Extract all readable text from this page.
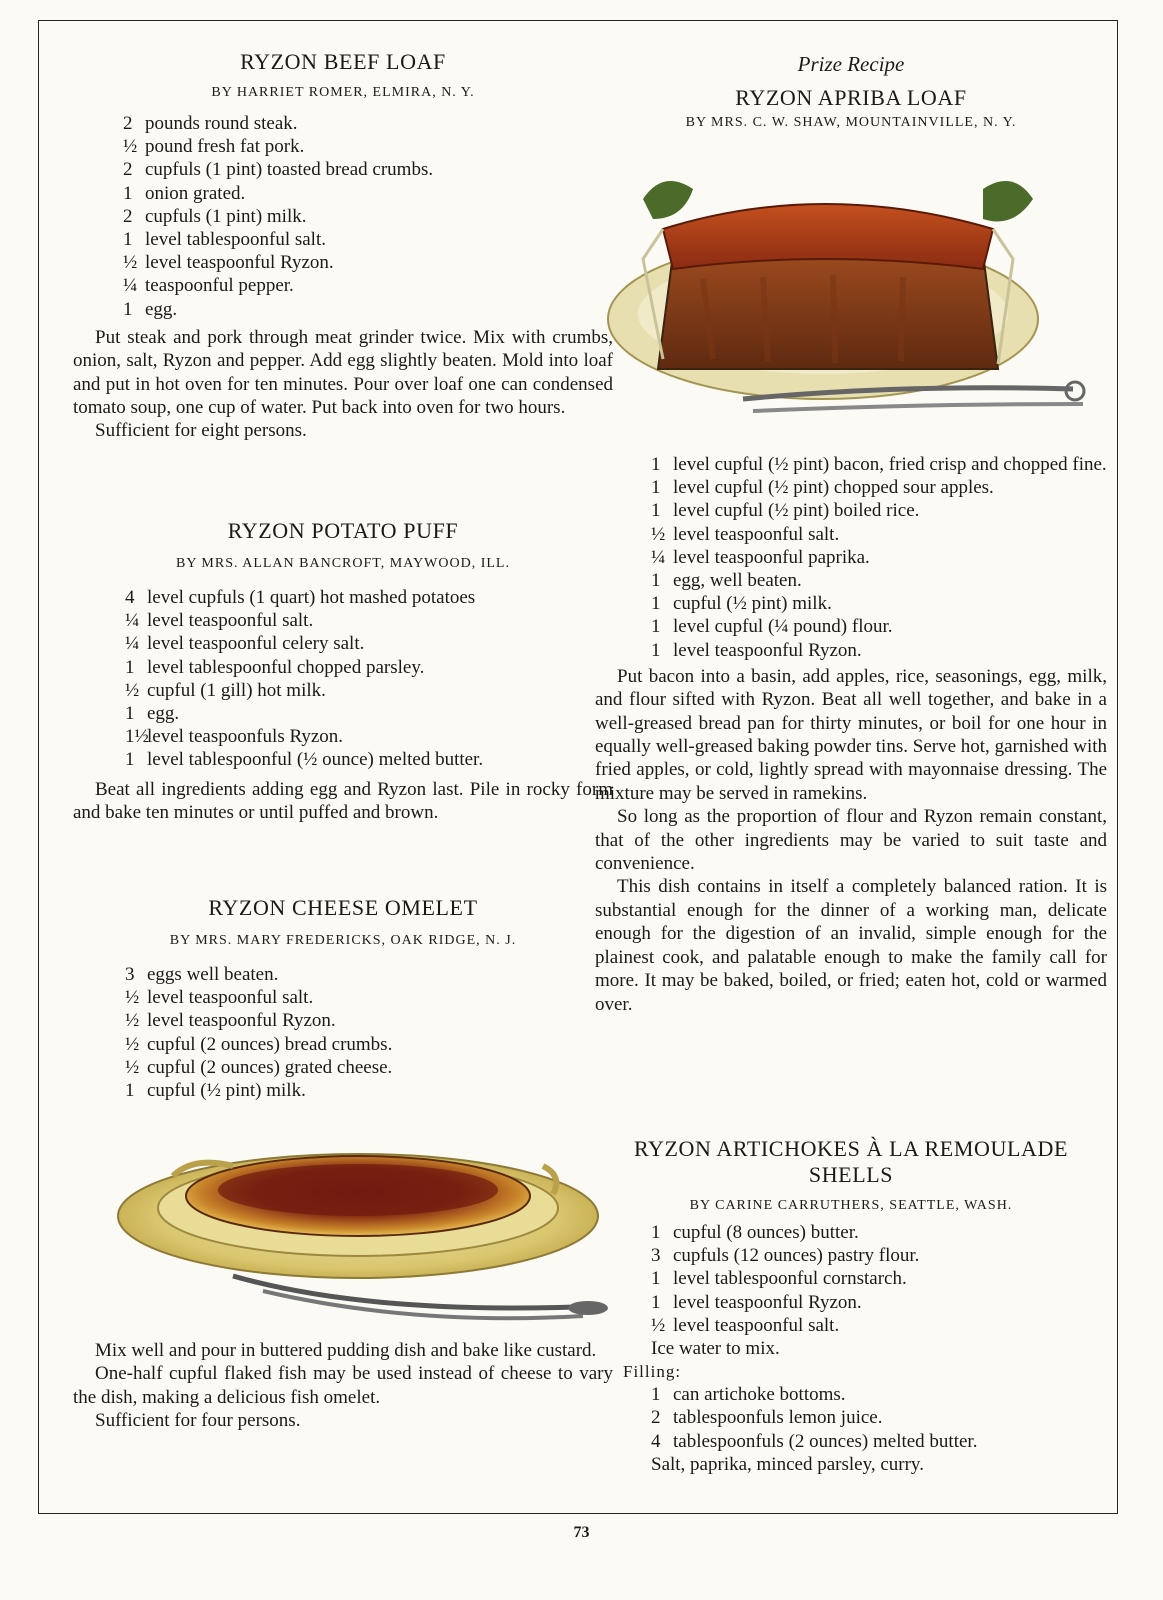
RYZON BEEF LOAF
BY HARRIET ROMER, ELMIRA, N. Y.
2 pounds round steak.
½ pound fresh fat pork.
2 cupfuls (1 pint) toasted bread crumbs.
1 onion grated.
2 cupfuls (1 pint) milk.
1 level tablespoonful salt.
½ level teaspoonful Ryzon.
¼ teaspoonful pepper.
1 egg.

Put steak and pork through meat grinder twice. Mix with crumbs, onion, salt, Ryzon and pepper. Add egg slightly beaten. Mold into loaf and put in hot oven for ten minutes. Pour over loaf one can condensed tomato soup, one cup of water. Put back into oven for two hours.

Sufficient for eight persons.

RYZON POTATO PUFF
BY MRS. ALLAN BANCROFT, MAYWOOD, ILL.
4 level cupfuls (1 quart) hot mashed potatoes
¼ level teaspoonful salt.
¼ level teaspoonful celery salt.
1 level tablespoonful chopped parsley.
½ cupful (1 gill) hot milk.
1 egg.
1½
level teaspoonfuls Ryzon.
1 level tablespoonful (½ ounce) melted butter.

Beat all ingredients adding egg and Ryzon last. Pile in rocky form and bake ten minutes or until puffed and brown.

RYZON CHEESE OMELET
BY MRS. MARY FREDERICKS, OAK RIDGE, N. J.
3 eggs well beaten.
½ level teaspoonful salt.
½ level teaspoonful Ryzon.
½ cupful (2 ounces) bread crumbs.
½ cupful (2 ounces) grated cheese.
1 cupful (½ pint) milk.

Mix well and pour in buttered pudding dish and bake like custard.

One-half cupful flaked fish may be used instead of cheese to vary the dish, making a delicious fish omelet.

Sufficient for four persons.

Prize Recipe
RYZON APRIBA LOAF
BY MRS. C. W. SHAW, MOUNTAINVILLE, N. Y.
1 level cupful (½ pint) bacon, fried crisp and chopped fine.
1 level cupful (½ pint) chopped sour apples.
1 level cupful (½ pint) boiled rice.
½ level teaspoonful salt.
¼ level teaspoonful paprika.
1 egg, well beaten.
1 cupful (½ pint) milk.
1 level cupful (¼ pound) flour.
1 level teaspoonful Ryzon.

Put bacon into a basin, add apples, rice, seasonings, egg, milk, and flour sifted with Ryzon. Beat all well together, and bake in a well-greased bread pan for thirty minutes, or boil for one hour in equally well-greased baking powder tins. Serve hot, garnished with fried apples, or cold, lightly spread with mayonnaise dressing. The mixture may be served in ramekins.

So long as the proportion of flour and Ryzon remain constant, that of the other ingredients may be varied to suit taste and convenience.

This dish contains in itself a completely balanced ration. It is substantial enough for the dinner of a working man, delicate enough for the digestion of an invalid, simple enough for the plainest cook, and palatable enough to make the family call for more. It may be baked, boiled, or fried; eaten hot, cold or warmed over.

RYZON ARTICHOKES À LA REMOULADE SHELLS
BY CARINE CARRUTHERS, SEATTLE, WASH.
1 cupful (8 ounces) butter.
3 cupfuls (12 ounces) pastry flour.
1 level tablespoonful cornstarch.
1 level teaspoonful Ryzon.
½ level teaspoonful salt.
Ice water to mix.
Filling:
1 can artichoke bottoms.
2 tablespoonfuls lemon juice.
4 tablespoonfuls (2 ounces) melted butter.
Salt, paprika, minced parsley, curry.
73
